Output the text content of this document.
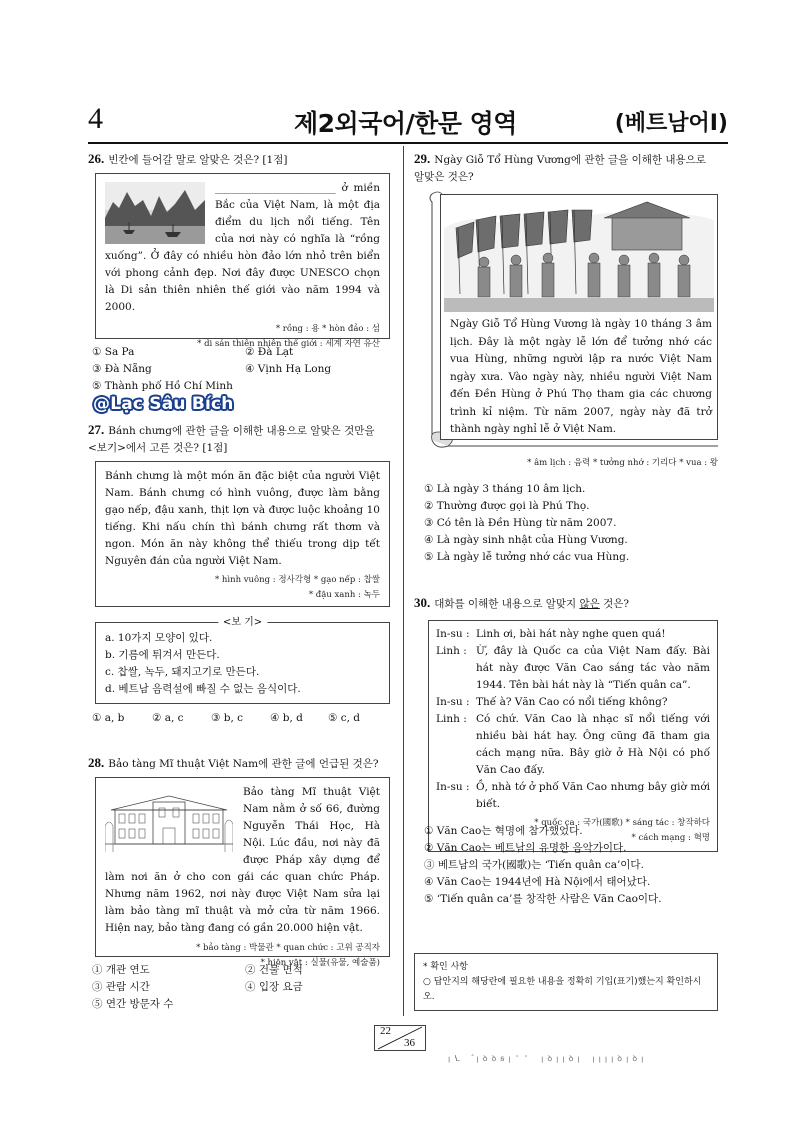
4	제2외국어/한문 영역	(베트남어Ⅰ)
26. 빈칸에 들어갈 말로 알맞은 것은? [1점]
_______________________ ở miền Bắc của Việt Nam, là một địa điểm du lịch nổi tiếng. Tên của nơi này có nghĩa là “rồng xuống”. Ở đây có nhiều hòn đảo lớn nhỏ trên biển với phong cảnh đẹp. Nơi đây được UNESCO chọn là Di sản thiên nhiên thế giới vào năm 1994 và 2000.
* rồng : 용 * hòn đảo : 섬
* di sản thiên nhiên thế giới : 세계 자연 유산
① Sa Pa	② Đà Lạt
③ Đà Nẵng	④ Vịnh Hạ Long
⑤ Thành phố Hồ Chí Minh
@Lạc Sâu Bích
27. Bánh chưng에 관한 글을 이해한 내용으로 알맞은 것만을
<보기>에서 고른 것은? [1점]
Bánh chưng là một món ăn đặc biệt của người Việt Nam. Bánh chưng có hình vuông, được làm bằng gạo nếp, đậu xanh, thịt lợn và được luộc khoảng 10 tiếng. Khi nấu chín thì bánh chưng rất thơm và ngon. Món ăn này không thể thiếu trong dịp tết Nguyên đán của người Việt Nam.
* hình vuông : 정사각형 * gạo nếp : 찹쌀
* đậu xanh : 녹두
<보 기>
a. 10가지 모양이 있다.
b. 기름에 튀겨서 만든다.
c. 찹쌀, 녹두, 돼지고기로 만든다.
d. 베트남 음력설에 빠질 수 없는 음식이다.
① a, b	② a, c	③ b, c	④ b, d ⑤ c, d
28. Bảo tàng Mĩ thuật Việt Nam에 관한 글에 언급된 것은?
Bảo tàng Mĩ thuật Việt Nam nằm ở số 66, đường Nguyễn Thái Học, Hà Nội. Lúc đầu, nơi này đã được Pháp xây dựng để làm nơi ăn ở cho con gái các quan chức Pháp. Nhưng năm 1962, nơi này được Việt Nam sửa lại làm bảo tàng mĩ thuật và mở cửa từ năm 1966. Hiện nay, bảo tàng đang có gần 20.000 hiện vật.
* bảo tàng : 박물관 * quan chức : 고위 공직자
* hiện vật : 실물(유물, 예술품)
① 개관 연도	② 건물 면적
③ 관람 시간	④ 입장 요금
⑤ 연간 방문자 수
29. Ngày Giỗ Tổ Hùng Vương에 관한 글을 이해한 내용으로
알맞은 것은?
Ngày Giỗ Tổ Hùng Vương là ngày 10 tháng 3 âm lịch. Đây là một ngày lễ lớn để tưởng nhớ các vua Hùng, những người lập ra nước Việt Nam ngày xưa. Vào ngày này, nhiều người Việt Nam đến Đền Hùng ở Phú Thọ tham gia các chương trình kỉ niệm. Từ năm 2007, ngày này đã trở thành ngày nghỉ lễ ở Việt Nam.
* âm lịch : 음력 * tưởng nhớ : 기리다 * vua : 왕
① Là ngày 3 tháng 10 âm lịch.
② Thường được gọi là Phú Thọ.
③ Có tên là Đền Hùng từ năm 2007.
④ Là ngày sinh nhật của Hùng Vương.
⑤ Là ngày lễ tưởng nhớ các vua Hùng.
30. 대화를 이해한 내용으로 알맞지 않은 것은?
In-su : Linh ơi, bài hát này nghe quen quá!
Linh : Ừ, đây là Quốc ca của Việt Nam đấy. Bài hát này được Văn Cao sáng tác vào năm 1944. Tên bài hát này là “Tiến quân ca”.
In-su : Thế à? Văn Cao có nổi tiếng không?
Linh : Có chứ. Văn Cao là nhạc sĩ nổi tiếng với nhiều bài hát hay. Ông cũng đã tham gia cách mạng nữa. Bây giờ ở Hà Nội có phố Văn Cao đấy.
In-su : Ồ, nhà tớ ở phố Văn Cao nhưng bây giờ mới biết.
* quốc ca : 국가(國歌) * sáng tác : 창작하다
* cách mạng : 혁명
① Văn Cao는 혁명에 참가했었다.
② Văn Cao는 베트남의 유명한 음악가이다.
③ 베트남의 국가(國歌)는 ‘Tiến quân ca’이다.
④ Văn Cao는 1944년에 Hà Nội에서 태어났다.
⑤ ‘Tiến quân ca’를 창작한 사람은 Văn Cao이다.
* 확인 사항
○ 답안지의 해당란에 필요한 내용을 정확히 기입(표기)했는지 확인하시오.
22
36
ꞁꝆ ꜙꞁꝺꝺꞩꞁꞌꞌ ꞁꝺꞁꞁꝺꞁ ꞁꞁꞁꞁꝺꞁꝺꞁ
